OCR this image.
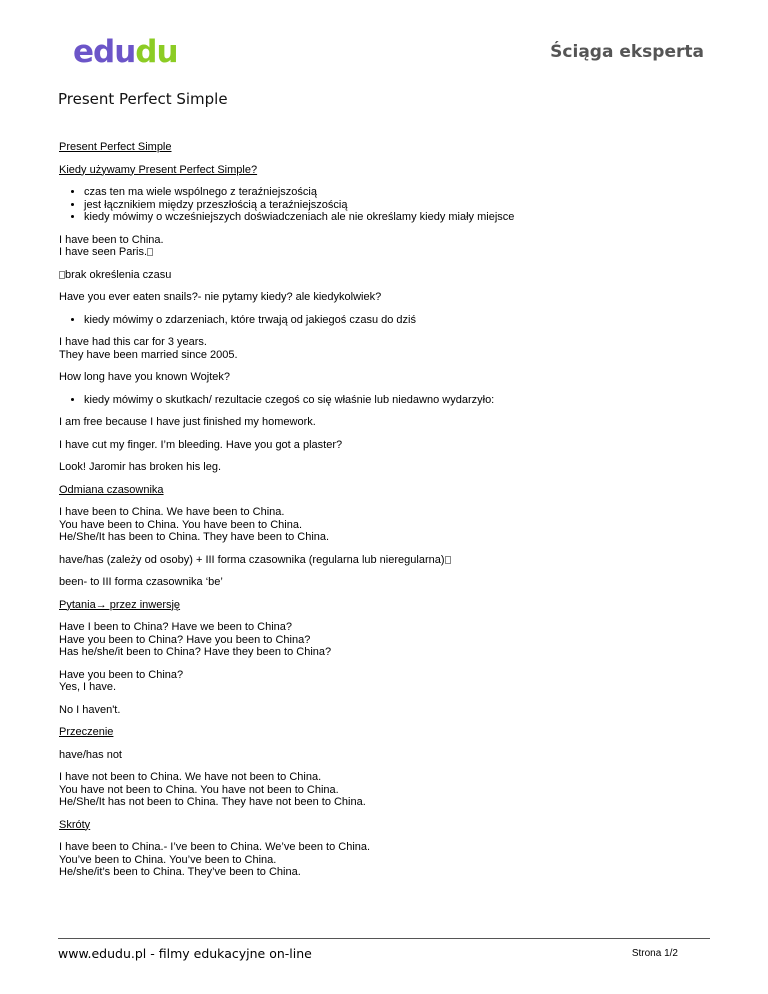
edudu	Ściąga eksperta
Present Perfect Simple

Present Perfect Simple

Kiedy używamy Present Perfect Simple?

• czas ten ma wiele wspólnego z teraźniejszością
• jest łącznikiem między przeszłością a teraźniejszością
• kiedy mówimy o wcześniejszych doświadczeniach ale nie określamy kiedy miały miejsce

I have been to China.
I have seen Paris.

brak określenia czasu

Have you ever eaten snails?- nie pytamy kiedy? ale kiedykolwiek?

• kiedy mówimy o zdarzeniach, które trwają od jakiegoś czasu do dziś

I have had this car for 3 years.
They have been married since 2005.

How long have you known Wojtek?

• kiedy mówimy o skutkach/ rezultacie czegoś co się właśnie lub niedawno wydarzyło:

I am free because I have just finished my homework.

I have cut my finger. I’m bleeding. Have you got a plaster?

Look! Jaromir has broken his leg.

Odmiana czasownika

I have been to China. We have been to China.
You have been to China. You have been to China.
He/She/It has been to China. They have been to China.

have/has (zależy od osoby) + III forma czasownika (regularna lub nieregularna)

been- to III forma czasownika ‘be’

Pytania→ przez inwersję

Have I been to China? Have we been to China?
Have you been to China? Have you been to China?
Has he/she/it been to China? Have they been to China?

Have you been to China?
Yes, I have.

No I haven't.

Przeczenie

have/has not

I have not been to China. We have not been to China.
You have not been to China. You have not been to China.
He/She/It has not been to China. They have not been to China.

Skróty

I have been to China.- I’ve been to China. We’ve been to China.
You’ve been to China. You’ve been to China.
He/she/it’s been to China. They’ve been to China.

www.edudu.pl - filmy edukacyjne on-line	Strona 1/2
